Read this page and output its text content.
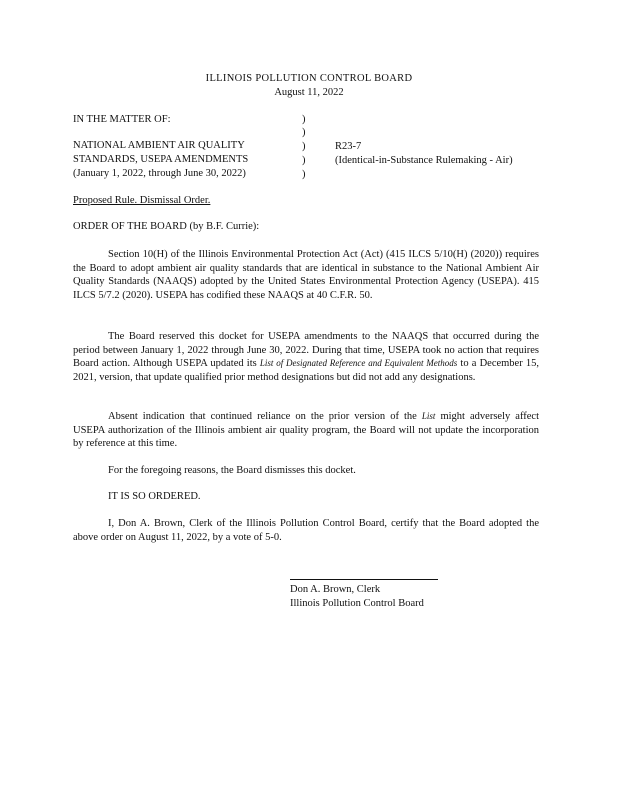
ILLINOIS POLLUTION CONTROL BOARD
August 11, 2022
IN THE MATTER OF:
NATIONAL AMBIENT AIR QUALITY
STANDARDS, USEPA AMENDMENTS
(January 1, 2022, through June 30, 2022)
)
)
)
)
)
R23-7
(Identical-in-Substance Rulemaking - Air)
Proposed Rule. Dismissal Order.
ORDER OF THE BOARD (by B.F. Currie):
Section 10(H) of the Illinois Environmental Protection Act (Act) (415 ILCS 5/10(H) (2020)) requires the Board to adopt ambient air quality standards that are identical in substance to the National Ambient Air Quality Standards (NAAQS) adopted by the United States Environmental Protection Agency (USEPA). 415 ILCS 5/7.2 (2020). USEPA has codified these NAAQS at 40 C.F.R. 50.
The Board reserved this docket for USEPA amendments to the NAAQS that occurred during the period between January 1, 2022 through June 30, 2022. During that time, USEPA took no action that requires Board action. Although USEPA updated its List of Designated Reference and Equivalent Methods to a December 15, 2021, version, that update qualified prior method designations but did not add any designations.
Absent indication that continued reliance on the prior version of the List might adversely affect USEPA authorization of the Illinois ambient air quality program, the Board will not update the incorporation by reference at this time.
For the foregoing reasons, the Board dismisses this docket.
IT IS SO ORDERED.
I, Don A. Brown, Clerk of the Illinois Pollution Control Board, certify that the Board adopted the above order on August 11, 2022, by a vote of 5-0.
Don A. Brown, Clerk
Illinois Pollution Control Board
